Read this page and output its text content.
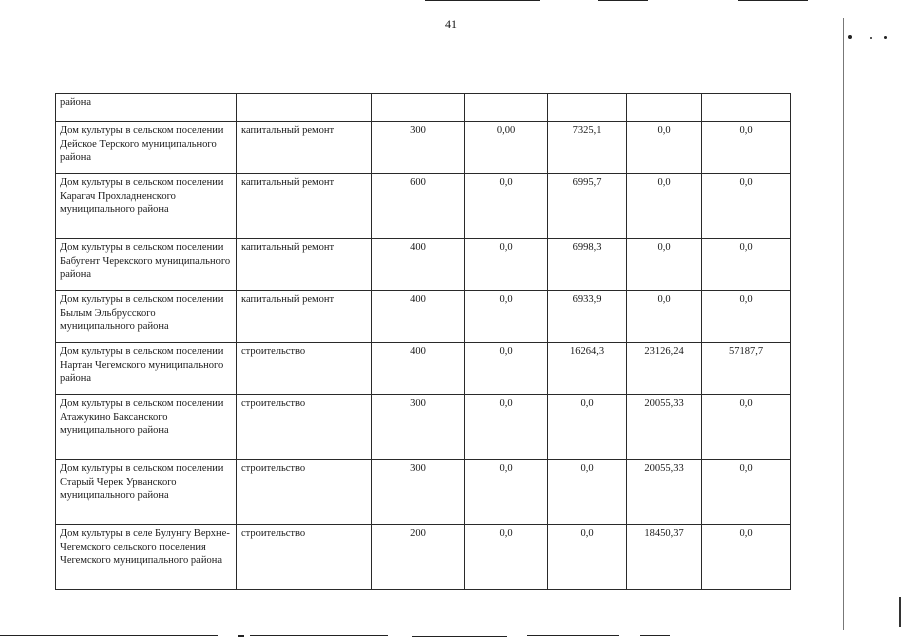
41
района						
Дом культуры в сельском поселении Дейское Терского муниципального района	капитальный ремонт	300	0,00	7325,1	0,0	0,0
Дом культуры в сельском поселении Карагач Прохладненского муниципального района	капитальный ремонт	600	0,0	6995,7	0,0	0,0
Дом культуры в сельском поселении Бабугент Черекского муниципального района	капитальный ремонт	400	0,0	6998,3	0,0	0,0
Дом культуры в сельском поселении Былым Эльбрусского муниципального района	капитальный ремонт	400	0,0	6933,9	0,0	0,0
Дом культуры в сельском поселении Нартан Чегемского муниципального района	строительство	400	0,0	16264,3	23126,24	57187,7
Дом культуры в сельском поселении Атажукино Баксанского муниципального района	строительство	300	0,0	0,0	20055,33	0,0
Дом культуры в сельском поселении Старый Черек Урванского муниципального района	строительство	300	0,0	0,0	20055,33	0,0
Дом культуры в селе Булунгу Верхне-Чегемского сельского поселения Чегемского муниципального района	строительство	200	0,0	0,0	18450,37	0,0
